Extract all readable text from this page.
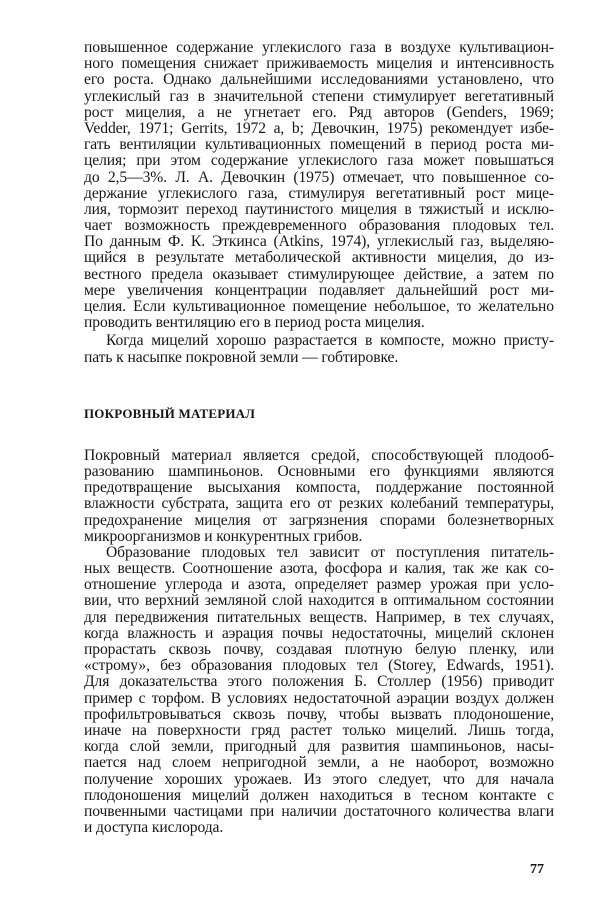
повышенное содержание углекислого газа в воздухе культивацион-
ного помещения снижает приживаемость мицелия и интенсивность
его роста. Однако дальнейшими исследованиями установлено, что
углекислый газ в значительной степени стимулирует вегетативный
рост мицелия, а не угнетает его. Ряд авторов (Genders, 1969;
Vedder, 1971; Gerrits, 1972 a, b; Девочкин, 1975) рекомендует избе-
гать вентиляции культивационных помещений в период роста ми-
целия; при этом содержание углекислого газа может повышаться
до 2,5—3%. Л. А. Девочкин (1975) отмечает, что повышенное со-
держание углекислого газа, стимулируя вегетативный рост мице-
лия, тормозит переход паутинистого мицелия в тяжистый и исклю-
чает возможность преждевременного образования плодовых тел.
По данным Ф. К. Эткинса (Atkins, 1974), углекислый газ, выделяю-
щийся в результате метаболической активности мицелия, до из-
вестного предела оказывает стимулирующее действие, а затем по
мере увеличения концентрации подавляет дальнейший рост ми-
целия. Если культивационное помещение небольшое, то желательно
проводить вентиляцию его в период роста мицелия.
Когда мицелий хорошо разрастается в компосте, можно присту-
пать к насыпке покровной земли — гобтировке.
ПОКРОВНЫЙ МАТЕРИАЛ
Покровный материал является средой, способствующей плодооб-
разованию шампиньонов. Основными его функциями являются
предотвращение высыхания компоста, поддержание постоянной
влажности субстрата, защита его от резких колебаний температуры,
предохранение мицелия от загрязнения спорами болезнетворных
микроорганизмов и конкурентных грибов.
Образование плодовых тел зависит от поступления питатель-
ных веществ. Соотношение азота, фосфора и калия, так же как со-
отношение углерода и азота, определяет размер урожая при усло-
вии, что верхний земляной слой находится в оптимальном состоянии
для передвижения питательных веществ. Например, в тех случаях,
когда влажность и аэрация почвы недостаточны, мицелий склонен
прорастать сквозь почву, создавая плотную белую пленку, или
«строму», без образования плодовых тел (Storey, Edwards, 1951).
Для доказательства этого положения Б. Столлер (1956) приводит
пример с торфом. В условиях недостаточной аэрации воздух должен
профильтровываться сквозь почву, чтобы вызвать плодоношение,
иначе на поверхности гряд растет только мицелий. Лишь тогда,
когда слой земли, пригодный для развития шампиньонов, насы-
пается над слоем непригодной земли, а не наоборот, возможно
получение хороших урожаев. Из этого следует, что для начала
плодоношения мицелий должен находиться в тесном контакте с
почвенными частицами при наличии достаточного количества влаги
и доступа кислорода.
77
